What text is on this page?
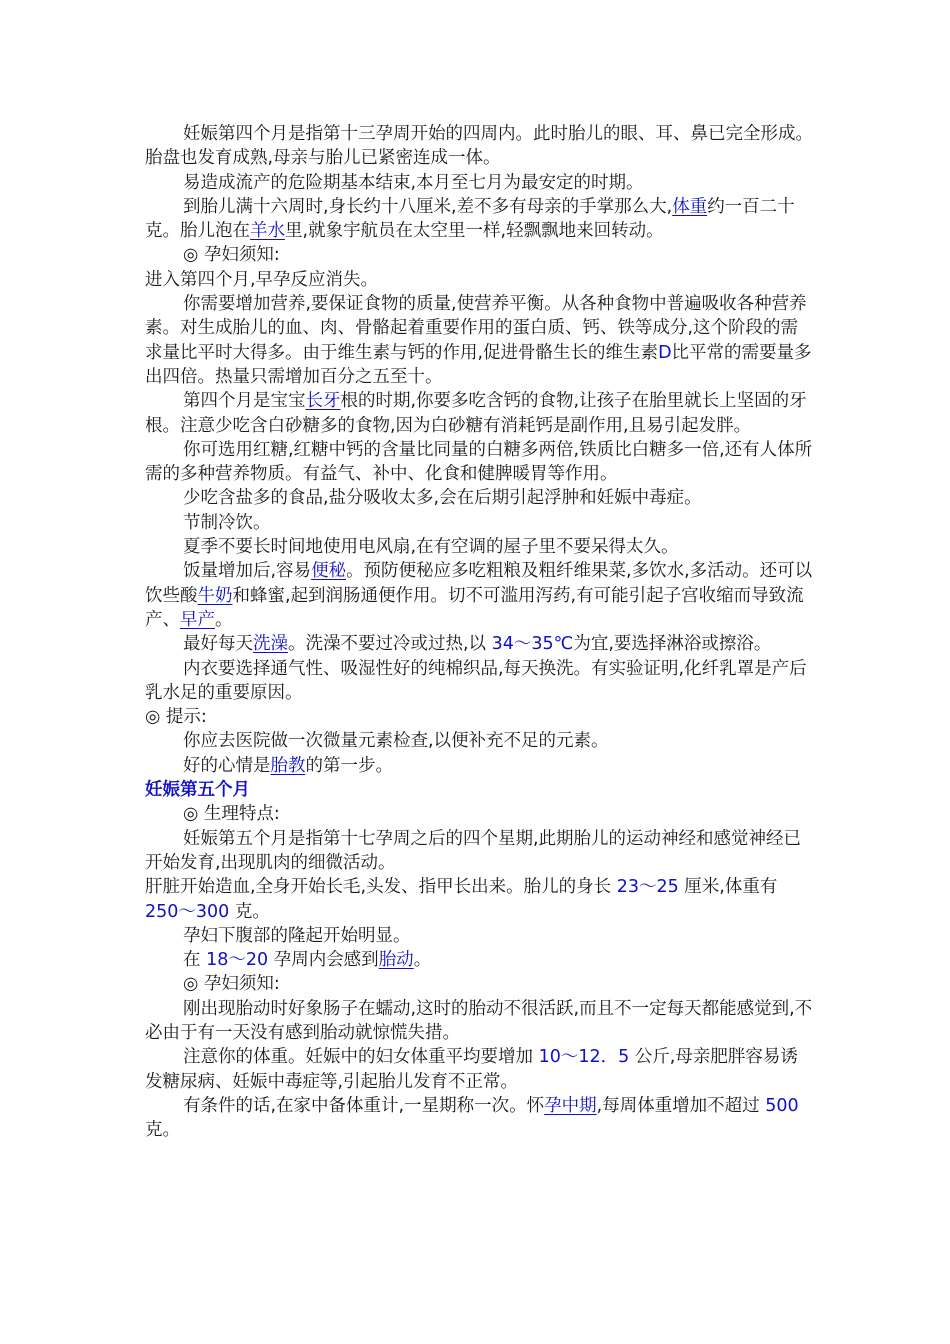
妊娠第四个月是指第十三孕周开始的四周内。此时胎儿的眼、耳、鼻已完全形成。胎盘也发育成熟,母亲与胎儿已紧密连成一体。

易造成流产的危险期基本结束,本月至七月为最安定的时期。

到胎儿满十六周时,身长约十八厘米,差不多有母亲的手掌那么大,体重约一百二十克。胎儿泡在羊水里,就象宇航员在太空里一样,轻飘飘地来回转动。

◎ 孕妇须知:

进入第四个月,早孕反应消失。

你需要增加营养,要保证食物的质量,使营养平衡。从各种食物中普遍吸收各种营养素。对生成胎儿的血、肉、骨骼起着重要作用的蛋白质、钙、铁等成分,这个阶段的需求量比平时大得多。由于维生素与钙的作用,促进骨骼生长的维生素D比平常的需要量多出四倍。热量只需增加百分之五至十。

第四个月是宝宝长牙根的时期,你要多吃含钙的食物,让孩子在胎里就长上坚固的牙根。注意少吃含白砂糖多的食物,因为白砂糖有消耗钙是副作用,且易引起发胖。

你可选用红糖,红糖中钙的含量比同量的白糖多两倍,铁质比白糖多一倍,还有人体所需的多种营养物质。有益气、补中、化食和健脾暖胃等作用。

少吃含盐多的食品,盐分吸收太多,会在后期引起浮肿和妊娠中毒症。

节制冷饮。

夏季不要长时间地使用电风扇,在有空调的屋子里不要呆得太久。

饭量增加后,容易便秘。预防便秘应多吃粗粮及粗纤维果菜,多饮水,多活动。还可以饮些酸牛奶和蜂蜜,起到润肠通便作用。切不可滥用泻药,有可能引起子宫收缩而导致流产、早产。

最好每天洗澡。洗澡不要过冷或过热,以 34～35℃为宜,要选择淋浴或擦浴。

内衣要选择通气性、吸湿性好的纯棉织品,每天换洗。有实验证明,化纤乳罩是产后乳水足的重要原因。

◎ 提示:

你应去医院做一次微量元素检查,以便补充不足的元素。

好的心情是胎教的第一步。

妊娠第五个月

◎ 生理特点:

妊娠第五个月是指第十七孕周之后的四个星期,此期胎儿的运动神经和感觉神经已开始发育,出现肌肉的细微活动。

肝脏开始造血,全身开始长毛,头发、指甲长出来。胎儿的身长 23～25 厘米,体重有 250～300 克。

孕妇下腹部的隆起开始明显。

在 18～20 孕周内会感到胎动。

◎ 孕妇须知:

刚出现胎动时好象肠子在蠕动,这时的胎动不很活跃,而且不一定每天都能感觉到,不必由于有一天没有感到胎动就惊慌失措。

注意你的体重。妊娠中的妇女体重平均要增加 10～12．5 公斤,母亲肥胖容易诱发糖尿病、妊娠中毒症等,引起胎儿发育不正常。

有条件的话,在家中备体重计,一星期称一次。怀孕中期,每周体重增加不超过 500 克。
